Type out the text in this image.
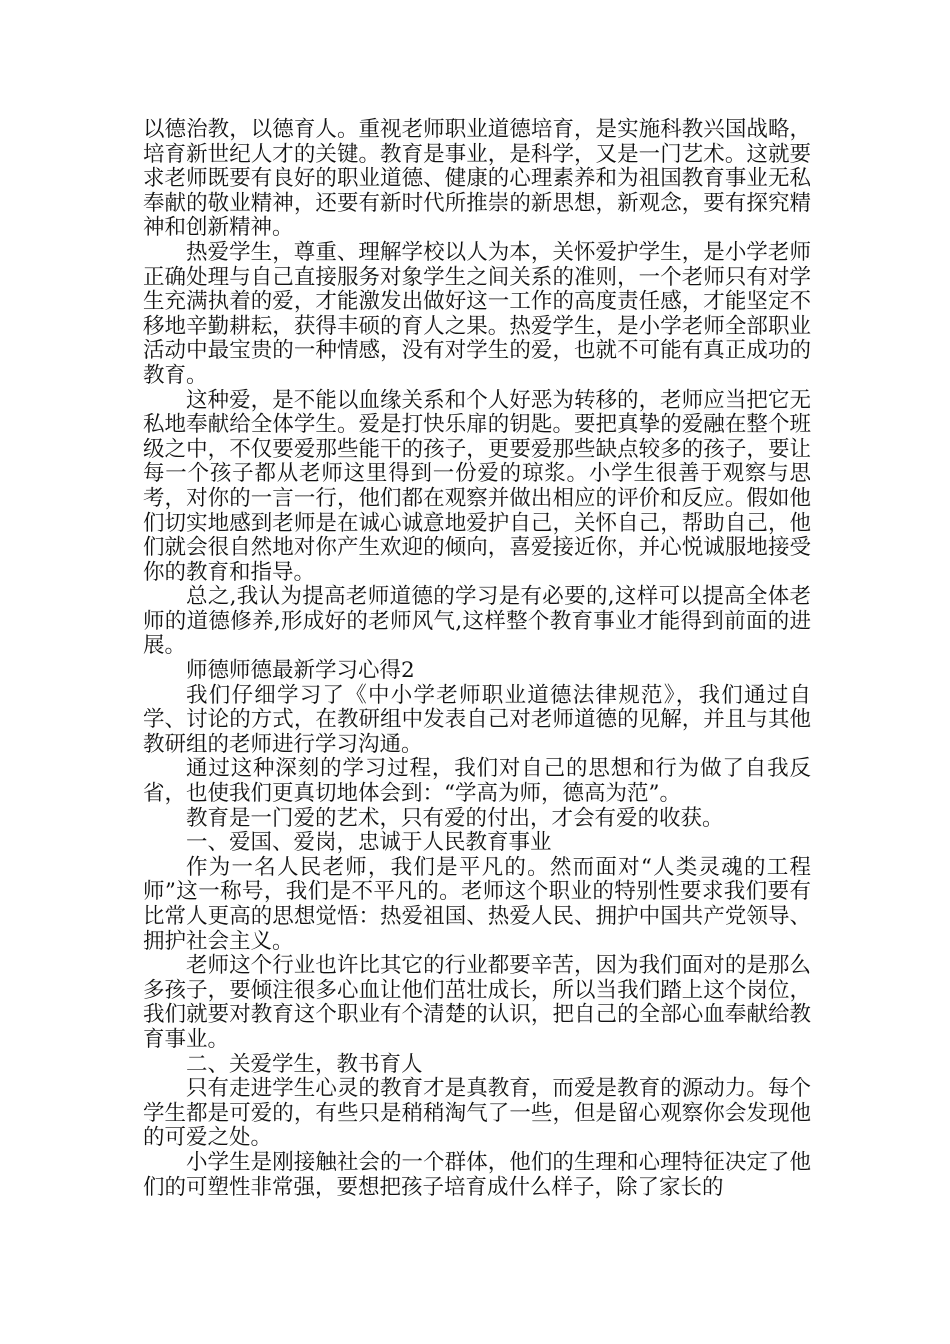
以德治教，以德育人。重视老师职业道德培育，是实施科教兴国战略，培育新世纪人才的关键。教育是事业，是科学，又是一门艺术。这就要求老师既要有良好的职业道德、健康的心理素养和为祖国教育事业无私奉献的敬业精神，还要有新时代所推崇的新思想，新观念，要有探究精神和创新精神。

热爱学生，尊重、理解学校以人为本，关怀爱护学生，是小学老师正确处理与自己直接服务对象学生之间关系的准则，一个老师只有对学生充满执着的爱，才能激发出做好这一工作的高度责任感，才能坚定不移地辛勤耕耘，获得丰硕的育人之果。热爱学生，是小学老师全部职业活动中最宝贵的一种情感，没有对学生的爱，也就不可能有真正成功的教育。

这种爱，是不能以血缘关系和个人好恶为转移的，老师应当把它无私地奉献给全体学生。爱是打快乐扉的钥匙。要把真挚的爱融在整个班级之中，不仅要爱那些能干的孩子，更要爱那些缺点较多的孩子，要让每一个孩子都从老师这里得到一份爱的琼浆。小学生很善于观察与思考，对你的一言一行，他们都在观察并做出相应的评价和反应。假如他们切实地感到老师是在诚心诚意地爱护自己，关怀自己，帮助自己，他们就会很自然地对你产生欢迎的倾向，喜爱接近你，并心悦诚服地接受你的教育和指导。

总之,我认为提高老师道德的学习是有必要的,这样可以提高全体老师的道德修养,形成好的老师风气,这样整个教育事业才能得到前面的进展。

师德师德最新学习心得2

我们仔细学习了《中小学老师职业道德法律规范》，我们通过自学、讨论的方式，在教研组中发表自己对老师道德的见解，并且与其他教研组的老师进行学习沟通。

通过这种深刻的学习过程，我们对自己的思想和行为做了自我反省，也使我们更真切地体会到：“学高为师，德高为范”。

教育是一门爱的艺术，只有爱的付出，才会有爱的收获。

一、爱国、爱岗，忠诚于人民教育事业

作为一名人民老师，我们是平凡的。然而面对“人类灵魂的工程师”这一称号，我们是不平凡的。老师这个职业的特别性要求我们要有比常人更高的思想觉悟：热爱祖国、热爱人民、拥护中国共产党领导、拥护社会主义。

老师这个行业也许比其它的行业都要辛苦，因为我们面对的是那么多孩子，要倾注很多心血让他们茁壮成长，所以当我们踏上这个岗位，我们就要对教育这个职业有个清楚的认识，把自己的全部心血奉献给教育事业。

二、关爱学生，教书育人

只有走进学生心灵的教育才是真教育，而爱是教育的源动力。每个学生都是可爱的，有些只是稍稍淘气了一些，但是留心观察你会发现他的可爱之处。

小学生是刚接触社会的一个群体，他们的生理和心理特征决定了他们的可塑性非常强，要想把孩子培育成什么样子，除了家长的
